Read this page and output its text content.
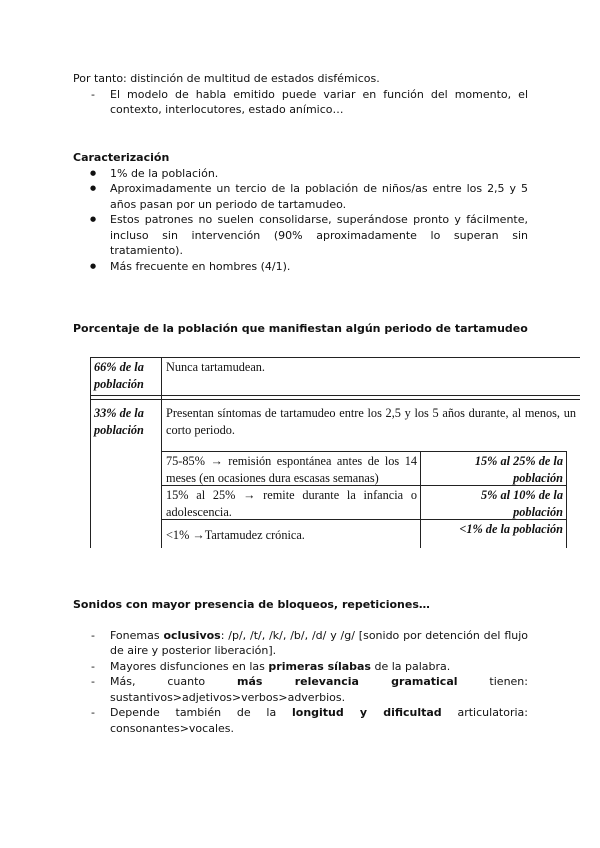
Por tanto: distinción de multitud de estados disfémicos.
- El modelo de habla emitido puede variar en función del momento, el contexto, interlocutores, estado anímico…
Caracterización
● 1% de la población.
● Aproximadamente un tercio de la población de niños/as entre los 2,5 y 5 años pasan por un periodo de tartamudeo.
● Estos patrones no suelen consolidarse, superándose pronto y fácilmente, incluso sin intervención (90% aproximadamente lo superan sin tratamiento).
● Más frecuente en hombres (4/1).
Porcentaje de la población que manifiestan algún periodo de tartamudeo
66% de la población
Nunca tartamudean.
33% de la población
Presentan síntomas de tartamudeo entre los 2,5 y los 5 años durante, al menos, un corto periodo.
75-85% → remisión espontánea antes de los 14 meses (en ocasiones dura escasas semanas)
15% al 25% de la población
15% al 25% → remite durante la infancia o adolescencia.
5% al 10% de la población
<1% →Tartamudez crónica.	<1% de la población
Sonidos con mayor presencia de bloqueos, repeticiones…
- Fonemas oclusivos: /p/, /t/, /k/, /b/, /d/ y /g/ [sonido por detención del flujo de aire y posterior liberación].
- Mayores disfunciones en las primeras sílabas de la palabra.
- Más, cuanto más relevancia gramatical tienen:
sustantivos>adjetivos>verbos>adverbios.
- Depende también de la longitud y dificultad articulatoria: consonantes>vocales.
